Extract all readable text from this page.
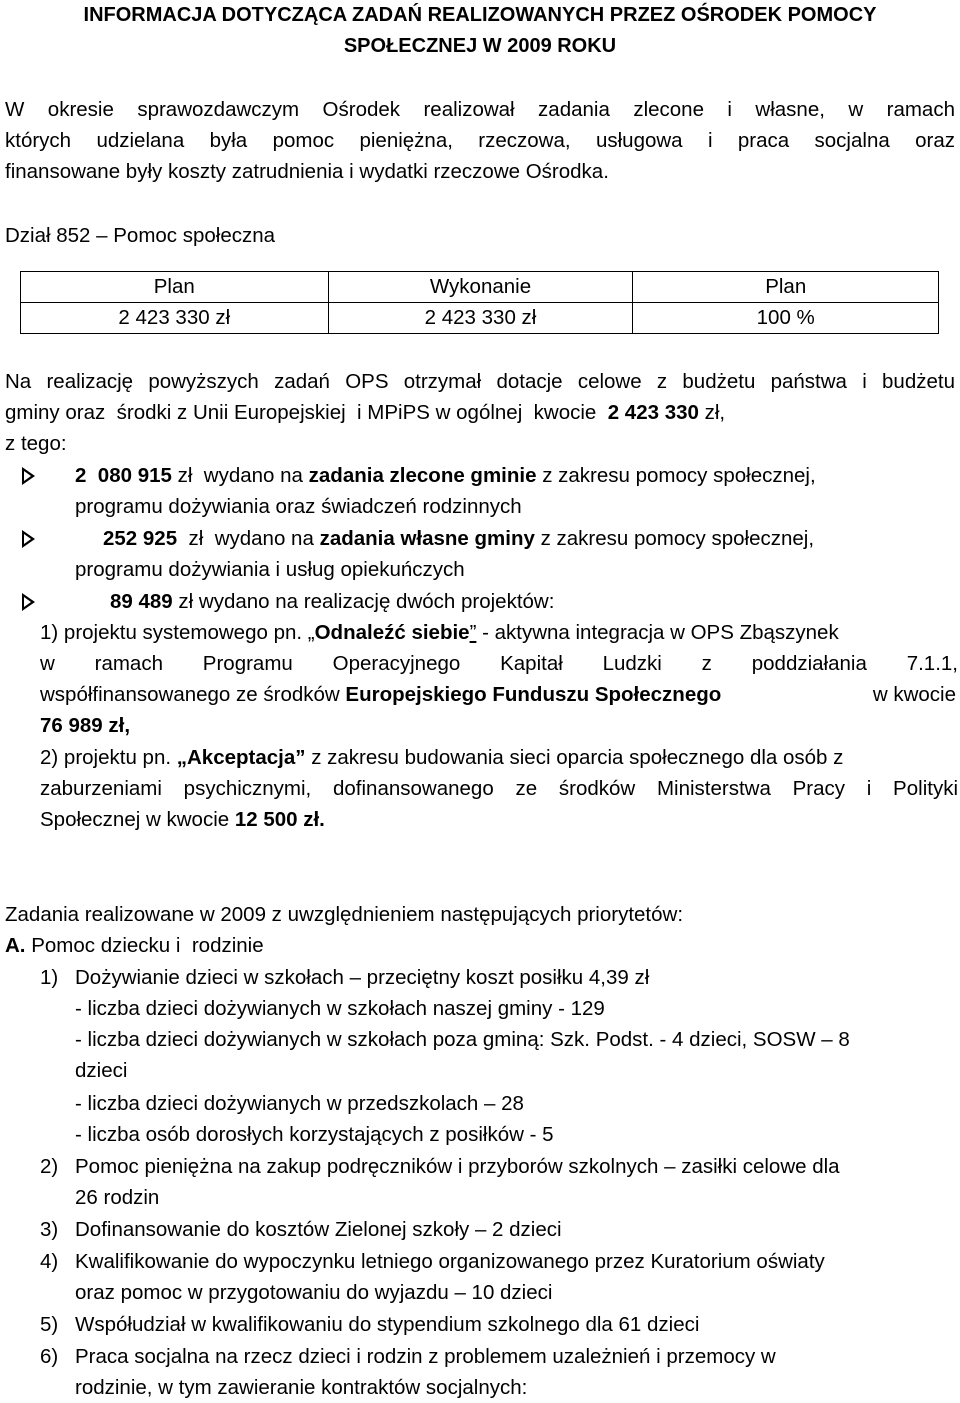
INFORMACJA DOTYCZĄCA ZADAŃ REALIZOWANYCH PRZEZ OŚRODEK POMOCY
SPOŁECZNEJ W 2009 ROKU
W okresie sprawozdawczym Ośrodek realizował zadania zlecone i własne, w ramach
których udzielana była pomoc pieniężna, rzeczowa, usługowa i praca socjalna oraz
finansowane były koszty zatrudnienia i wydatki rzeczowe Ośrodka.
Dział 852 – Pomoc społeczna
Plan	Wykonanie	Plan
2 423 330 zł	2 423 330 zł	100 %
Na realizację powyższych zadań OPS otrzymał dotacje celowe z budżetu państwa i budżetu
gminy oraz  środki z Unii Europejskiej  i MPiPS w ogólnej  kwocie  2 423 330 zł,
z tego:
2  080 915 zł  wydano na zadania zlecone gminie z zakresu pomocy społecznej,
programu dożywiania oraz świadczeń rodzinnych
252 925  zł  wydano na zadania własne gminy z zakresu pomocy społecznej,
programu dożywiania i usług opiekuńczych
89 489 zł wydano na realizację dwóch projektów:
1) projektu systemowego pn. „Odnaleźć siebie” - aktywna integracja w OPS Zbąszynek
w ramach Programu Operacyjnego Kapitał Ludzki z poddziałania 7.1.1,
współfinansowanego ze środków Europejskiego Funduszu Społecznego	w kwocie
76 989 zł,
2) projektu pn. „Akceptacja” z zakresu budowania sieci oparcia społecznego dla osób z
zaburzeniami psychicznymi, dofinansowanego ze środków Ministerstwa Pracy i Polityki
Społecznej w kwocie 12 500 zł.
Zadania realizowane w 2009 z uwzględnieniem następujących priorytetów:
A. Pomoc dziecku i  rodzinie
1) Dożywianie dzieci w szkołach – przeciętny koszt posiłku 4,39 zł
- liczba dzieci dożywianych w szkołach naszej gminy - 129
- liczba dzieci dożywianych w szkołach poza gminą: Szk. Podst. - 4 dzieci, SOSW – 8
dzieci
- liczba dzieci dożywianych w przedszkolach – 28
- liczba osób dorosłych korzystających z posiłków - 5
2) Pomoc pieniężna na zakup podręczników i przyborów szkolnych – zasiłki celowe dla
26 rodzin
3) Dofinansowanie do kosztów Zielonej szkoły – 2 dzieci
4) Kwalifikowanie do wypoczynku letniego organizowanego przez Kuratorium oświaty
oraz pomoc w przygotowaniu do wyjazdu – 10 dzieci
5) Współudział w kwalifikowaniu do stypendium szkolnego dla 61 dzieci
6) Praca socjalna na rzecz dzieci i rodzin z problemem uzależnień i przemocy w
rodzinie, w tym zawieranie kontraktów socjalnych:
